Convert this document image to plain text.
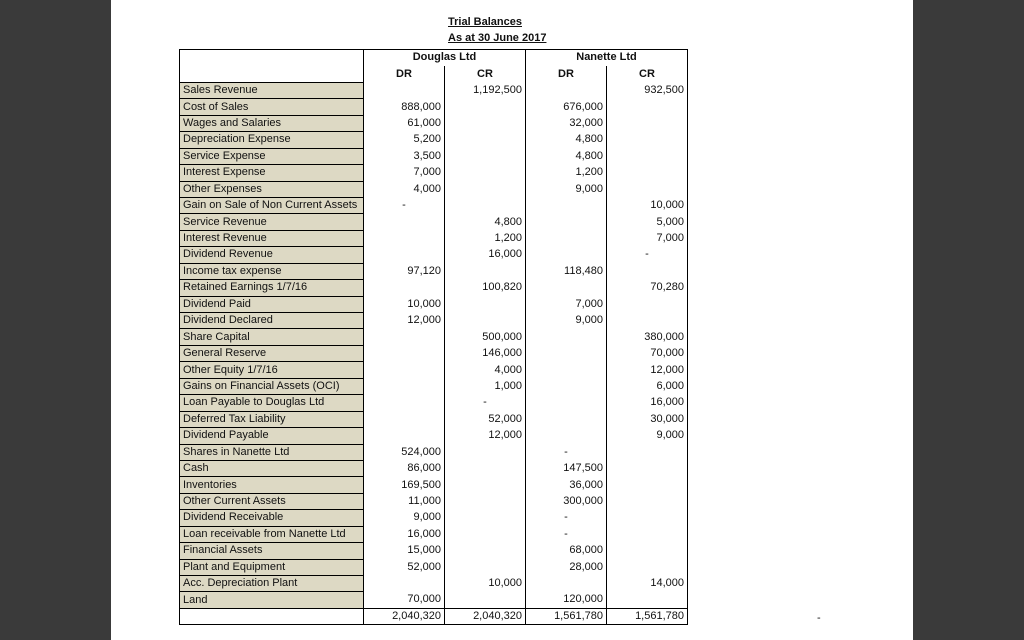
Trial Balances
As at 30 June 2017
	Douglas Ltd		Nanette Ltd	
	DR	CR	DR	CR
Sales Revenue		1,192,500		932,500
Cost of Sales	888,000		676,000	
Wages and Salaries	61,000		32,000	
Depreciation Expense	5,200		4,800	
Service Expense	3,500		4,800	
Interest Expense	7,000		1,200	
Other Expenses	4,000		9,000	
Gain on Sale of Non Current Assets	-			10,000
Service Revenue		4,800		5,000
Interest Revenue		1,200		7,000
Dividend Revenue		16,000		-
Income tax expense	97,120		118,480	
Retained Earnings 1/7/16		100,820		70,280
Dividend Paid	10,000		7,000	
Dividend Declared	12,000		9,000	
Share Capital		500,000		380,000
General Reserve		146,000		70,000
Other Equity 1/7/16		4,000		12,000
Gains on Financial Assets (OCI)		1,000		6,000
Loan Payable to Douglas Ltd		-		16,000
Deferred Tax Liability		52,000		30,000
Dividend Payable		12,000		9,000
Shares in Nanette Ltd	524,000		-	
Cash	86,000		147,500	
Inventories	169,500		36,000	
Other Current Assets	11,000		300,000	
Dividend Receivable	9,000		-	
Loan receivable from Nanette Ltd	16,000		-	
Financial Assets	15,000		68,000	
Plant and Equipment	52,000		28,000	
Acc. Depreciation Plant		10,000		14,000
Land	70,000		120,000	
	2,040,320	2,040,320	1,561,780	1,561,780	-
